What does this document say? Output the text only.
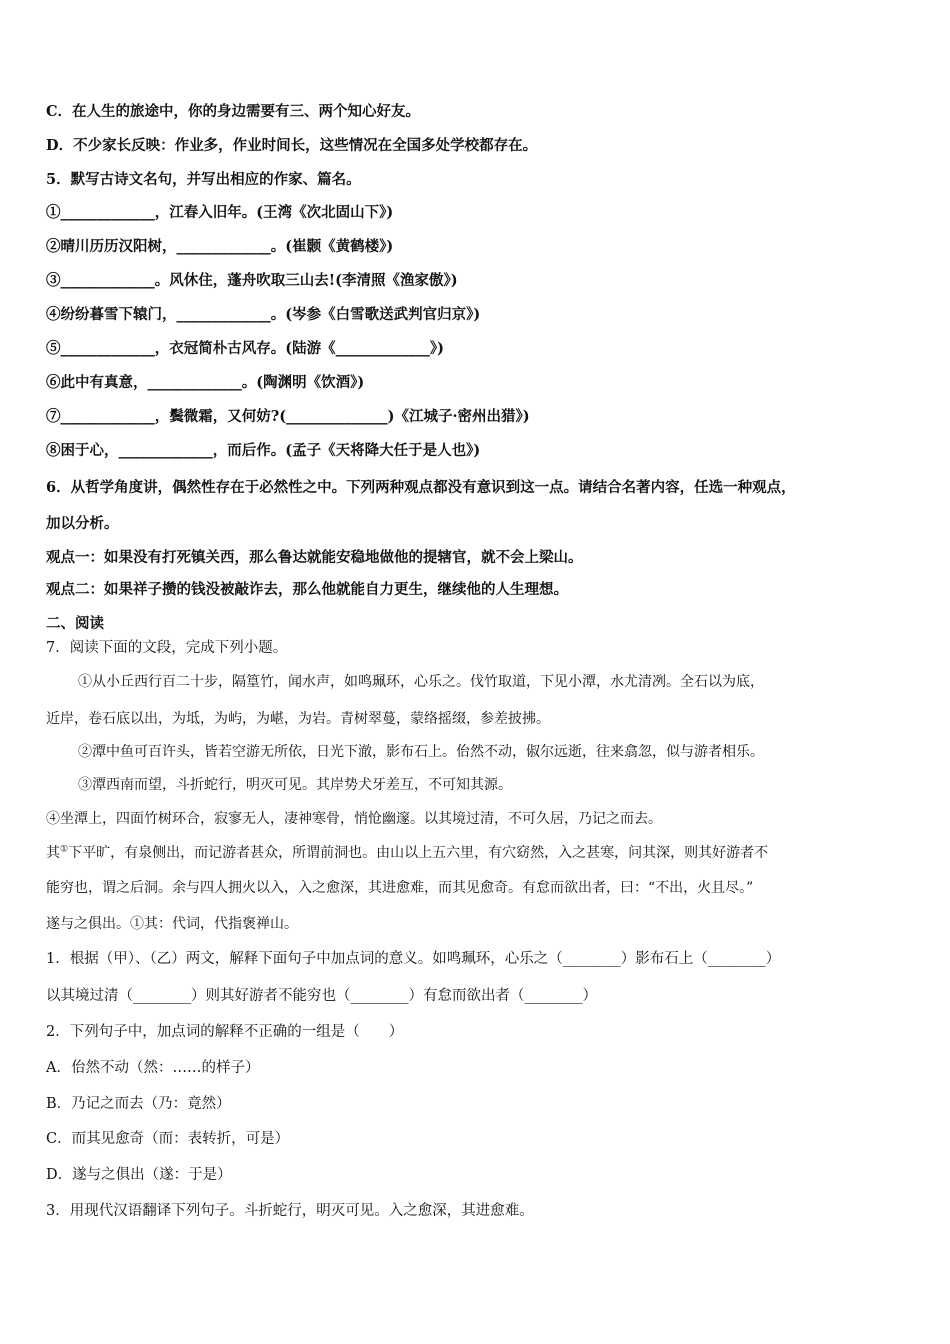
C．在人生的旅途中，你的身边需要有三、两个知心好友。
D．不少家长反映：作业多，作业时间长，这些情况在全国多处学校都存在。
5．默写古诗文名句，并写出相应的作家、篇名。
①_____________，江春入旧年。(王湾《次北固山下》)
②晴川历历汉阳树，_____________。(崔颢《黄鹤楼》)
③_____________。风休住，蓬舟吹取三山去!(李清照《渔家傲》)
④纷纷暮雪下辕门，_____________。(岑参《白雪歌送武判官归京》)
⑤_____________，衣冠简朴古风存。(陆游《_____________》)
⑥此中有真意，_____________。(陶渊明《饮酒》)
⑦_____________，鬓微霜，又何妨?(______________)《江城子·密州出猎》)
⑧困于心，_____________，而后作。(孟子《天将降大任于是人也》)
6．从哲学角度讲，偶然性存在于必然性之中。下列两种观点都没有意识到这一点。请结合名著内容，任选一种观点，
加以分析。
观点一：如果没有打死镇关西，那么鲁达就能安稳地做他的提辖官，就不会上梁山。
观点二：如果祥子攒的钱没被敲诈去，那么他就能自力更生，继续他的人生理想。
二、阅读
7．阅读下面的文段，完成下列小题。
①从小丘西行百二十步，隔篁竹，闻水声，如鸣珮环，心乐之。伐竹取道，下见小潭，水尤清冽。全石以为底，
近岸，卷石底以出，为坻，为屿，为嵁，为岩。青树翠蔓，蒙络摇缀，参差披拂。
②潭中鱼可百许头，皆若空游无所依，日光下澈，影布石上。佁然不动，俶尔远逝，往来翕忽，似与游者相乐。
③潭西南而望，斗折蛇行，明灭可见。其岸势犬牙差互，不可知其源。
④坐潭上，四面竹树环合，寂寥无人，凄神寒骨，悄怆幽邃。以其境过清，不可久居，乃记之而去。
其①下平旷，有泉侧出，而记游者甚众，所谓前洞也。由山以上五六里，有穴窈然，入之甚寒，问其深，则其好游者不
能穷也，谓之后洞。余与四人拥火以入，入之愈深，其进愈难，而其见愈奇。有怠而欲出者，曰：“不出，火且尽。”
遂与之俱出。①其：代词，代指褒禅山。
1．根据（甲）、（乙）两文，解释下面句子中加点词的意义。如鸣珮环，心乐之（________）影布石上（________）
以其境过清（________）则其好游者不能穷也（________）有怠而欲出者（________）
2．下列句子中，加点词的解释不正确的一组是（　　）
A．佁然不动（然：……的样子）
B．乃记之而去（乃：竟然）
C．而其见愈奇（而：表转折，可是）
D．遂与之俱出（遂：于是）
3．用现代汉语翻译下列句子。斗折蛇行，明灭可见。入之愈深，其进愈难。
